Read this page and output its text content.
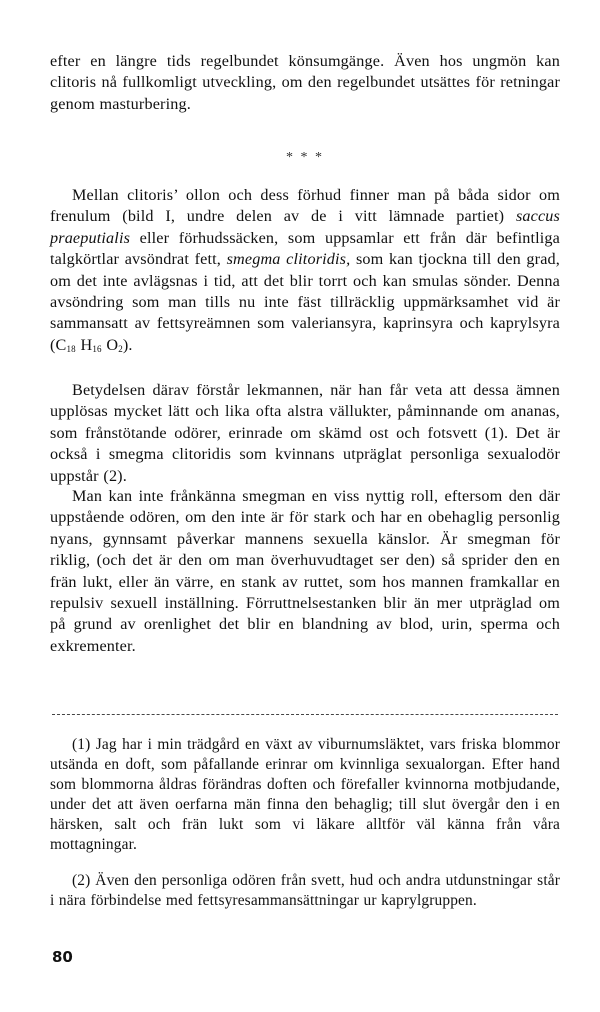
efter en längre tids regelbundet könsumgänge. Även hos ungmön kan clitoris nå fullkomligt utveckling, om den regelbundet utsättes för retningar genom masturbering.

* * *

Mellan clitoris’ ollon och dess förhud finner man på båda sidor om frenulum (bild I, undre delen av de i vitt lämnade partiet) saccus praeputialis eller förhudssäcken, som uppsamlar ett från där befintliga talgkörtlar avsöndrat fett, smegma clitoridis, som kan tjockna till den grad, om det inte avlägsnas i tid, att det blir torrt och kan smulas sönder. Denna avsöndring som man tills nu inte fäst tillräcklig uppmärksamhet vid är sammansatt av fettsyreämnen som valeriansyra, kaprinsyra och kaprylsyra ($C_{18}$ $H_{16}$ $O_2$).

Betydelsen därav förstår lekmannen, när han får veta att dessa ämnen upplösas mycket lätt och lika ofta alstra vällukter, påminnande om ananas, som frånstötande odörer, erinrade om skämd ost och fotsvett (1). Det är också i smegma clitoridis som kvinnans utpräglat personliga sexualodör uppstår (2).

Man kan inte frånkänna smegman en viss nyttig roll, eftersom den där uppstående odören, om den inte är för stark och har en obehaglig personlig nyans, gynnsamt påverkar mannens sexuella känslor. Är smegman för riklig, (och det är den om man överhuvudtaget ser den) så sprider den en frän lukt, eller än värre, en stank av ruttet, som hos mannen framkallar en repulsiv sexuell inställning. Förruttnelsestanken blir än mer utpräglad om på grund av orenlighet det blir en blandning av blod, urin, sperma och exkrementer.

(1) Jag har i min trädgård en växt av viburnumsläktet, vars friska blommor utsända en doft, som påfallande erinrar om kvinnliga sexualorgan. Efter hand som blommorna åldras förändras doften och förefaller kvinnorna motbjudande, under det att även oerfarna män finna den behaglig; till slut övergår den i en härsken, salt och frän lukt som vi läkare alltför väl känna från våra mottagningar.

(2) Även den personliga odören från svett, hud och andra utdunstningar står i nära förbindelse med fettsyresammansättningar ur kaprylgruppen.

80
